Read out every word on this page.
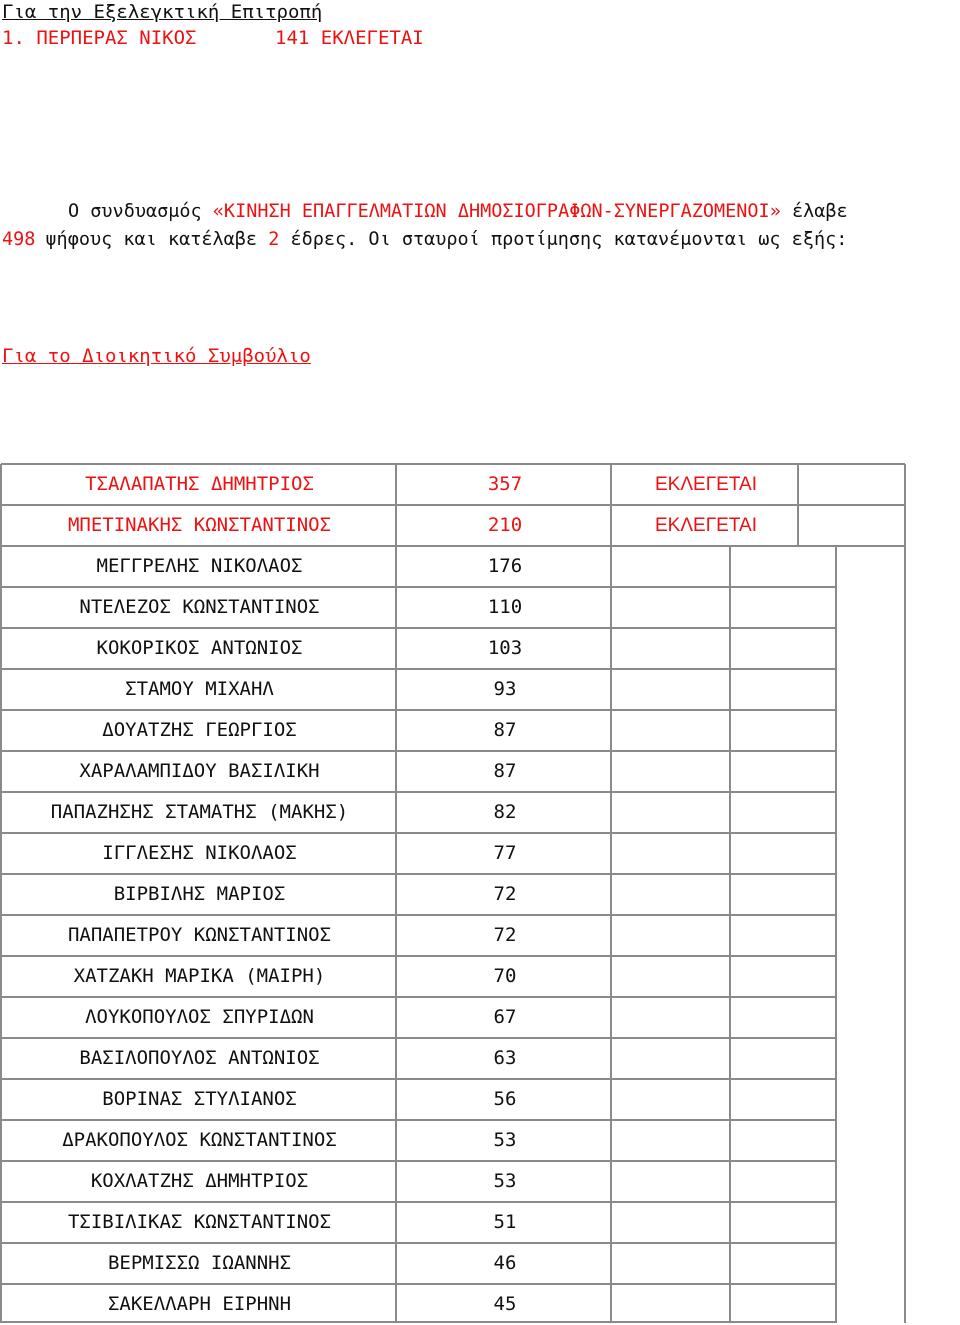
Για την Εξελεγκτική Επιτροπή
1. ΠΕΡΠΕΡΑΣ ΝΙΚΟΣ	141 ΕΚΛΕΓΕΤΑΙ
Ο συνδυασμός «ΚΙΝΗΣΗ ΕΠΑΓΓΕΛΜΑΤΙΩΝ ΔΗΜΟΣΙΟΓΡΑΦΩΝ-ΣΥΝΕΡΓΑΖΟΜΕΝΟΙ» έλαβε
498 ψήφους και κατέλαβε 2 έδρες. Οι σταυροί προτίμησης κατανέμονται ως εξής:
Για το Διοικητικό Συμβούλιο
ΤΣΑΛΑΠΑΤΗΣ ΔΗΜΗΤΡΙΟΣ	357	ΕΚΛΕΓΕΤΑΙ
ΜΠΕΤΙΝΑΚΗΣ ΚΩΝΣΤΑΝΤΙΝΟΣ	210	ΕΚΛΕΓΕΤΑΙ
ΜΕΓΓΡΕΛΗΣ ΝΙΚΟΛΑΟΣ	176
ΝΤΕΛΕΖΟΣ ΚΩΝΣΤΑΝΤΙΝΟΣ	110
ΚΟΚΟΡΙΚΟΣ ΑΝΤΩΝΙΟΣ	103
ΣΤΑΜΟΥ ΜΙΧΑΗΛ	93
ΔΟΥΑΤΖΗΣ ΓΕΩΡΓΙΟΣ	87
ΧΑΡΑΛΑΜΠΙΔΟΥ ΒΑΣΙΛΙΚΗ	87
ΠΑΠΑΖΗΣΗΣ ΣΤΑΜΑΤΗΣ (ΜΑΚΗΣ)	82
ΙΓΓΛΕΣΗΣ ΝΙΚΟΛΑΟΣ	77
ΒΙΡΒΙΛΗΣ ΜΑΡΙΟΣ	72
ΠΑΠΑΠΕΤΡΟΥ ΚΩΝΣΤΑΝΤΙΝΟΣ	72
ΧΑΤΖΑΚΗ ΜΑΡΙΚΑ (ΜΑΙΡΗ)	70
ΛΟΥΚΟΠΟΥΛΟΣ ΣΠΥΡΙΔΩΝ	67
ΒΑΣΙΛΟΠΟΥΛΟΣ ΑΝΤΩΝΙΟΣ	63
ΒΟΡΙΝΑΣ ΣΤΥΛΙΑΝΟΣ	56
ΔΡΑΚΟΠΟΥΛΟΣ ΚΩΝΣΤΑΝΤΙΝΟΣ	53
ΚΟΧΛΑΤΖΗΣ ΔΗΜΗΤΡΙΟΣ	53
ΤΣΙΒΙΛΙΚΑΣ ΚΩΝΣΤΑΝΤΙΝΟΣ	51
ΒΕΡΜΙΣΣΩ ΙΩΑΝΝΗΣ	46
ΣΑΚΕΛΛΑΡΗ ΕΙΡΗΝΗ	45
